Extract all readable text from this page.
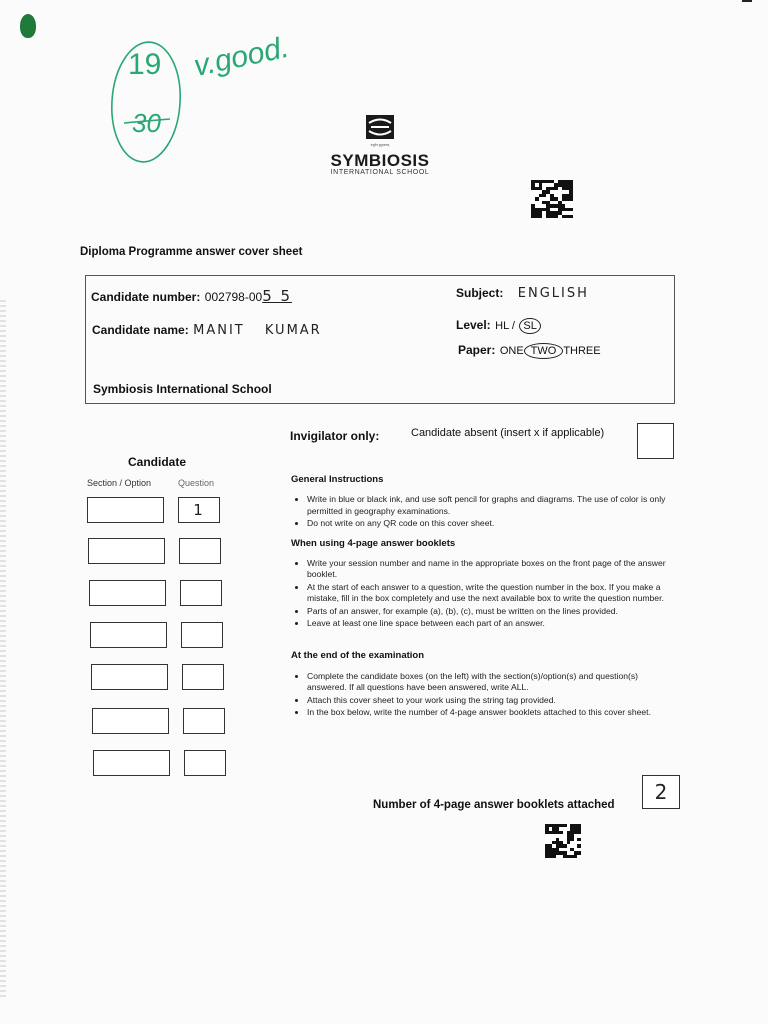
19
30
v.good.
वसुधैव कुटुम्बकम्
SYMBIOSIS
INTERNATIONAL SCHOOL
Diploma Programme answer cover sheet
Candidate number: 002798-005 5
Candidate name: MANIT KUMAR
Subject: ENGLISH
Level: HL / SL
Paper: ONE TWO THREE
Symbiosis International School
Invigilator only:	Candidate absent (insert x if applicable)
Candidate
Section / Option	Question
1
General Instructions
• Write in blue or black ink, and use soft pencil for graphs and diagrams. The use of color is only permitted in geography examinations.
• Do not write on any QR code on this cover sheet.
When using 4-page answer booklets
• Write your session number and name in the appropriate boxes on the front page of the answer booklet.
• At the start of each answer to a question, write the question number in the box. If you make a mistake, fill in the box completely and use the next available box to write the question number.
• Parts of an answer, for example (a), (b), (c), must be written on the lines provided.
• Leave at least one line space between each part of an answer.
At the end of the examination
• Complete the candidate boxes (on the left) with the section(s)/option(s) and question(s) answered. If all questions have been answered, write ALL.
• Attach this cover sheet to your work using the string tag provided.
• In the box below, write the number of 4-page answer booklets attached to this cover sheet.
Number of 4-page answer booklets attached
2
